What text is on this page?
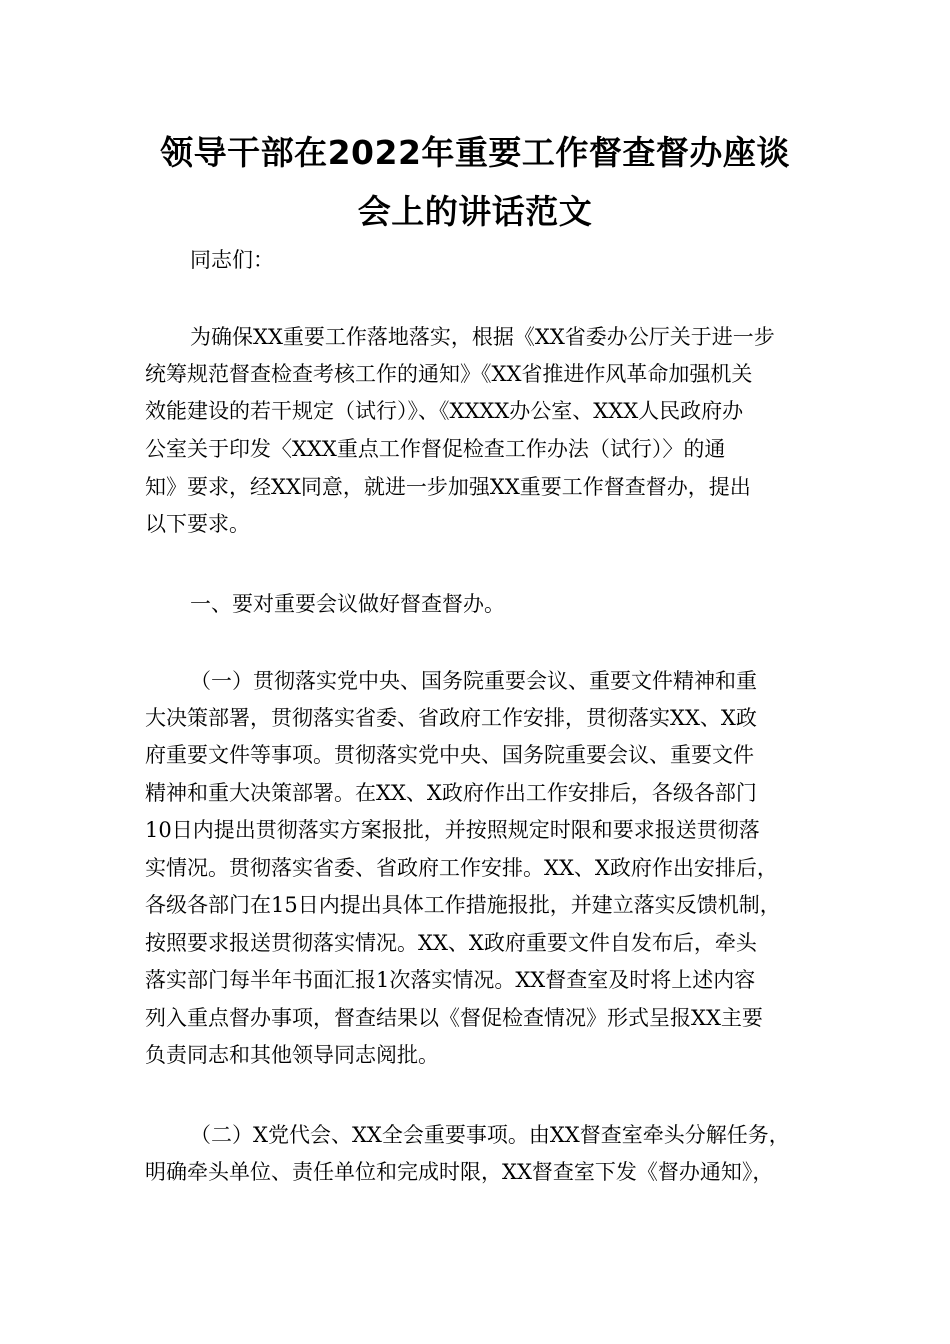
领导干部在2022年重要工作督查督办座谈
会上的讲话范文
同志们：
为确保XX重要工作落地落实，根据《XX省委办公厅关于进一步
统筹规范督查检查考核工作的通知》《XX省推进作风革命加强机关
效能建设的若干规定（试行）》、《XXXX办公室、XXX人民政府办
公室关于印发〈XXX重点工作督促检查工作办法（试行）〉的通
知》要求，经XX同意，就进一步加强XX重要工作督查督办，提出
以下要求。
一、要对重要会议做好督查督办。
（一）贯彻落实党中央、国务院重要会议、重要文件精神和重
大决策部署，贯彻落实省委、省政府工作安排，贯彻落实XX、X政
府重要文件等事项。贯彻落实党中央、国务院重要会议、重要文件
精神和重大决策部署。在XX、X政府作出工作安排后，各级各部门
10日内提出贯彻落实方案报批，并按照规定时限和要求报送贯彻落
实情况。贯彻落实省委、省政府工作安排。XX、X政府作出安排后，
各级各部门在15日内提出具体工作措施报批，并建立落实反馈机制，
按照要求报送贯彻落实情况。XX、X政府重要文件自发布后，牵头
落实部门每半年书面汇报1次落实情况。XX督查室及时将上述内容
列入重点督办事项，督查结果以《督促检查情况》形式呈报XX主要
负责同志和其他领导同志阅批。
（二）X党代会、XX全会重要事项。由XX督查室牵头分解任务，
明确牵头单位、责任单位和完成时限，XX督查室下发《督办通知》，
